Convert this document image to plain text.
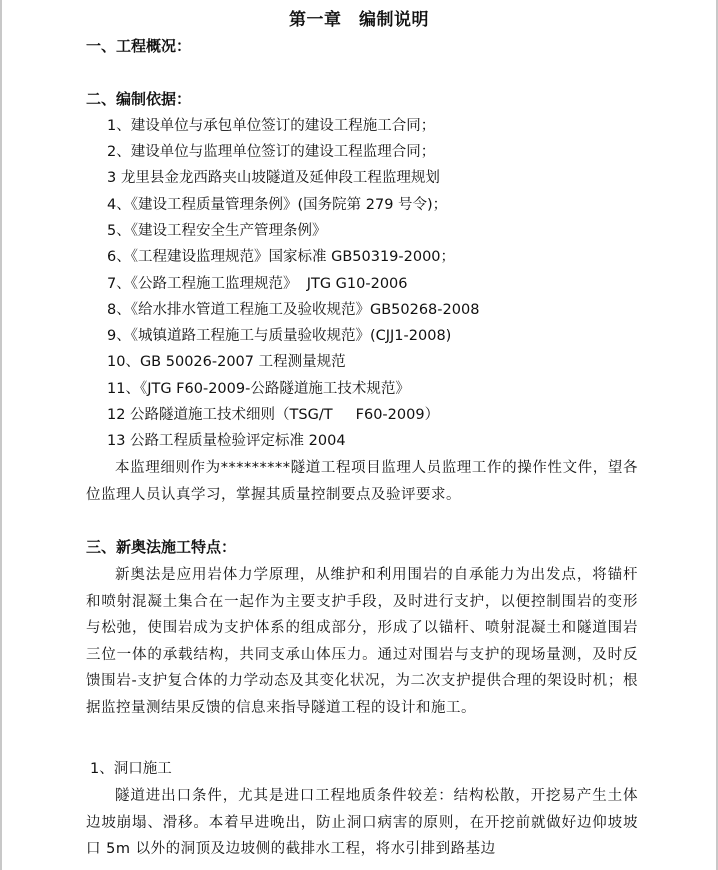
第一章　编制说明
一、工程概况：
二、编制依据：
1、建设单位与承包单位签订的建设工程施工合同；
2、建设单位与监理单位签订的建设工程监理合同；
3 龙里县金龙西路夹山坡隧道及延伸段工程监理规划
4、《建设工程质量管理条例》(国务院第 279 号令)；
5、《建设工程安全生产管理条例》
6、《工程建设监理规范》国家标准 GB50319-2000；
7、《公路工程施工监理规范》  JTG G10-2006
8、《给水排水管道工程施工及验收规范》GB50268-2008
9、《城镇道路工程施工与质量验收规范》(CJJ1-2008)
10、GB 50026-2007 工程测量规范
11、《JTG F60-2009-公路隧道施工技术规范》
12 公路隧道施工技术细则（TSG/T     F60-2009）
13 公路工程质量检验评定标准 2004
本监理细则作为*********隧道工程项目监理人员监理工作的操作性文件，望各位监理人员认真学习，掌握其质量控制要点及验评要求。
三、新奥法施工特点：
新奥法是应用岩体力学原理，从维护和利用围岩的自承能力为出发点，将锚杆和喷射混凝土集合在一起作为主要支护手段，及时进行支护，以便控制围岩的变形与松弛，使围岩成为支护体系的组成部分，形成了以锚杆、喷射混凝土和隧道围岩三位一体的承载结构，共同支承山体压力。通过对围岩与支护的现场量测，及时反馈围岩-支护复合体的力学动态及其变化状况，为二次支护提供合理的架设时机；根据监控量测结果反馈的信息来指导隧道工程的设计和施工。
1、洞口施工
隧道进出口条件，尤其是进口工程地质条件较差：结构松散，开挖易产生土体边坡崩塌、滑移。本着早进晚出，防止洞口病害的原则，在开挖前就做好边仰坡坡口 5m 以外的洞顶及边坡侧的截排水工程，将水引排到路基边
